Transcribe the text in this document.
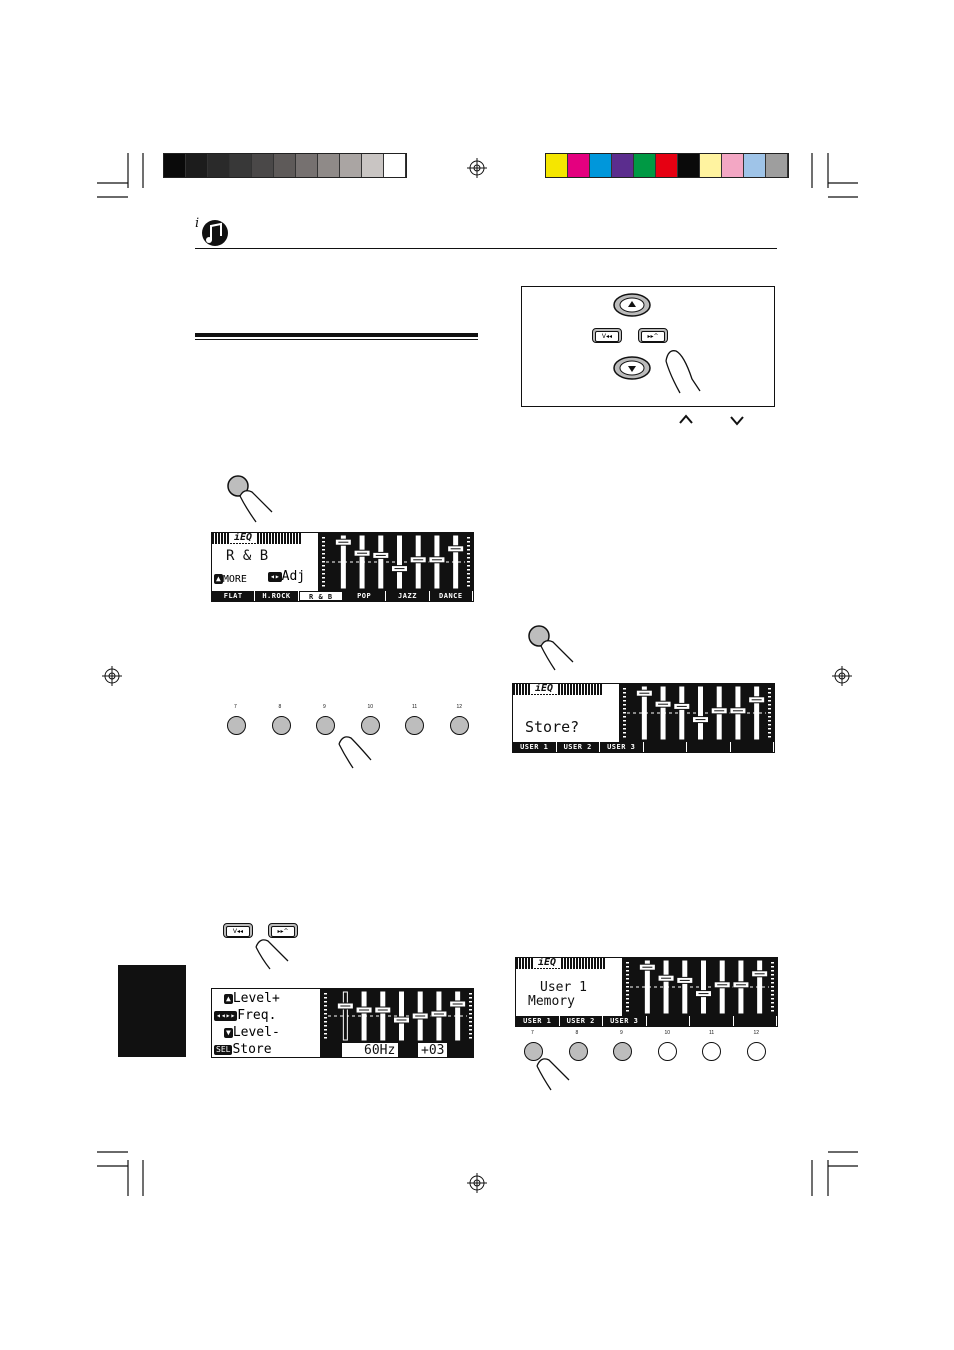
i
V◂◂	▸▸^
iEQ
R & B
▲ MORE	◂▸ Adj
FLAT	H.ROCK	R & B	POP	JAZZ	DANCE
7	8	9	10	11	12
iEQ
Store?
USER 1	USER 2	USER 3
V◂◂	▸▸^
▲ Level+
◂◂▸▸ Freq.
▼ Level-
SEL Store	60Hz +03
iEQ
User 1
Memory
USER 1	USER 2	USER 3
7	8	9	10	11	12
